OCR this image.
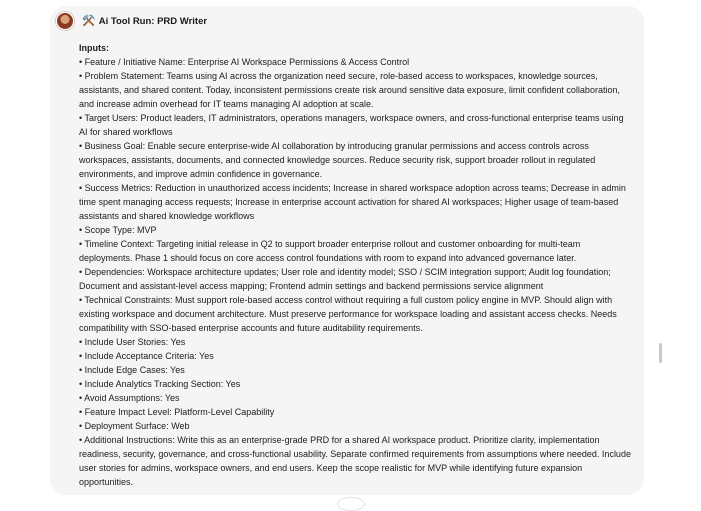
⚒️ Ai Tool Run: PRD Writer
Inputs:

• Feature / Initiative Name: Enterprise AI Workspace Permissions & Access Control

• Problem Statement: Teams using AI across the organization need secure, role-based access to workspaces, knowledge sources, assistants, and shared content. Today, inconsistent permissions create risk around sensitive data exposure, limit confident collaboration, and increase admin overhead for IT teams managing AI adoption at scale.

• Target Users: Product leaders, IT administrators, operations managers, workspace owners, and cross-functional enterprise teams using AI for shared workflows

• Business Goal: Enable secure enterprise-wide AI collaboration by introducing granular permissions and access controls across workspaces, assistants, documents, and connected knowledge sources. Reduce security risk, support broader rollout in regulated environments, and improve admin confidence in governance.

• Success Metrics: Reduction in unauthorized access incidents; Increase in shared workspace adoption across teams; Decrease in admin time spent managing access requests; Increase in enterprise account activation for shared AI workspaces; Higher usage of team-based assistants and shared knowledge workflows

• Scope Type: MVP

• Timeline Context: Targeting initial release in Q2 to support broader enterprise rollout and customer onboarding for multi-team deployments. Phase 1 should focus on core access control foundations with room to expand into advanced governance later.

• Dependencies: Workspace architecture updates; User role and identity model; SSO / SCIM integration support; Audit log foundation; Document and assistant-level access mapping; Frontend admin settings and backend permissions service alignment

• Technical Constraints: Must support role-based access control without requiring a full custom policy engine in MVP. Should align with existing workspace and document architecture. Must preserve performance for workspace loading and assistant access checks. Needs compatibility with SSO-based enterprise accounts and future auditability requirements.

• Include User Stories: Yes

• Include Acceptance Criteria: Yes

• Include Edge Cases: Yes

• Include Analytics Tracking Section: Yes

• Avoid Assumptions: Yes

• Feature Impact Level: Platform-Level Capability

• Deployment Surface: Web

• Additional Instructions: Write this as an enterprise-grade PRD for a shared AI workspace product. Prioritize clarity, implementation readiness, security, governance, and cross-functional usability. Separate confirmed requirements from assumptions where needed. Include user stories for admins, workspace owners, and end users. Keep the scope realistic for MVP while identifying future expansion opportunities.
